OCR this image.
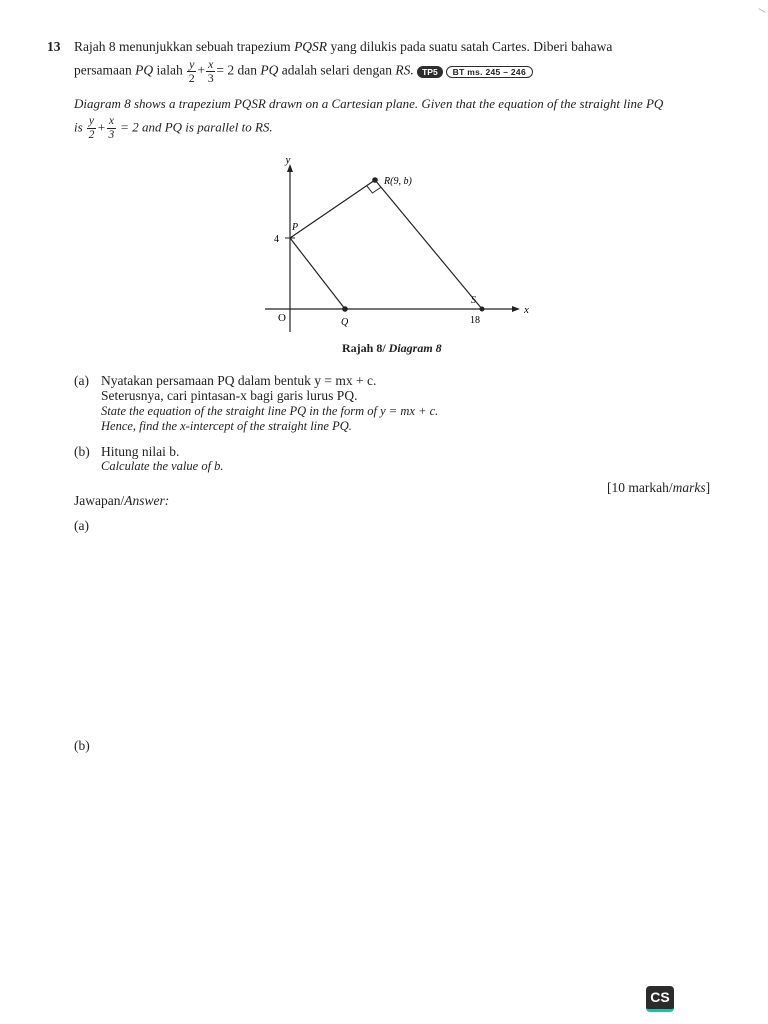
13 Rajah 8 menunjukkan sebuah trapezium PQSR yang dilukis pada suatu satah Cartes. Diberi bahawa
persamaan PQ ialah $\frac{y}{2} + \frac{x}{3} = 2$ dan PQ adalah selari dengan RS. TP5 BT ms. 245 – 246
Diagram 8 shows a trapezium PQSR drawn on a Cartesian plane. Given that the equation of the straight line PQ
is $\frac{y}{2} + \frac{x}{3} = 2$ and PQ is parallel to RS.
y
x
O
4
P
Q
R(9, b)
S
18
Rajah 8/ Diagram 8
(a) Nyatakan persamaan PQ dalam bentuk y = mx + c.
Seterusnya, cari pintasan-x bagi garis lurus PQ.
State the equation of the straight line PQ in the form of y = mx + c.
Hence, find the x-intercept of the straight line PQ.
(b) Hitung nilai b.
Calculate the value of b.
[10 markah/marks]
Jawapan/Answer:
(a)
(b)
CS
